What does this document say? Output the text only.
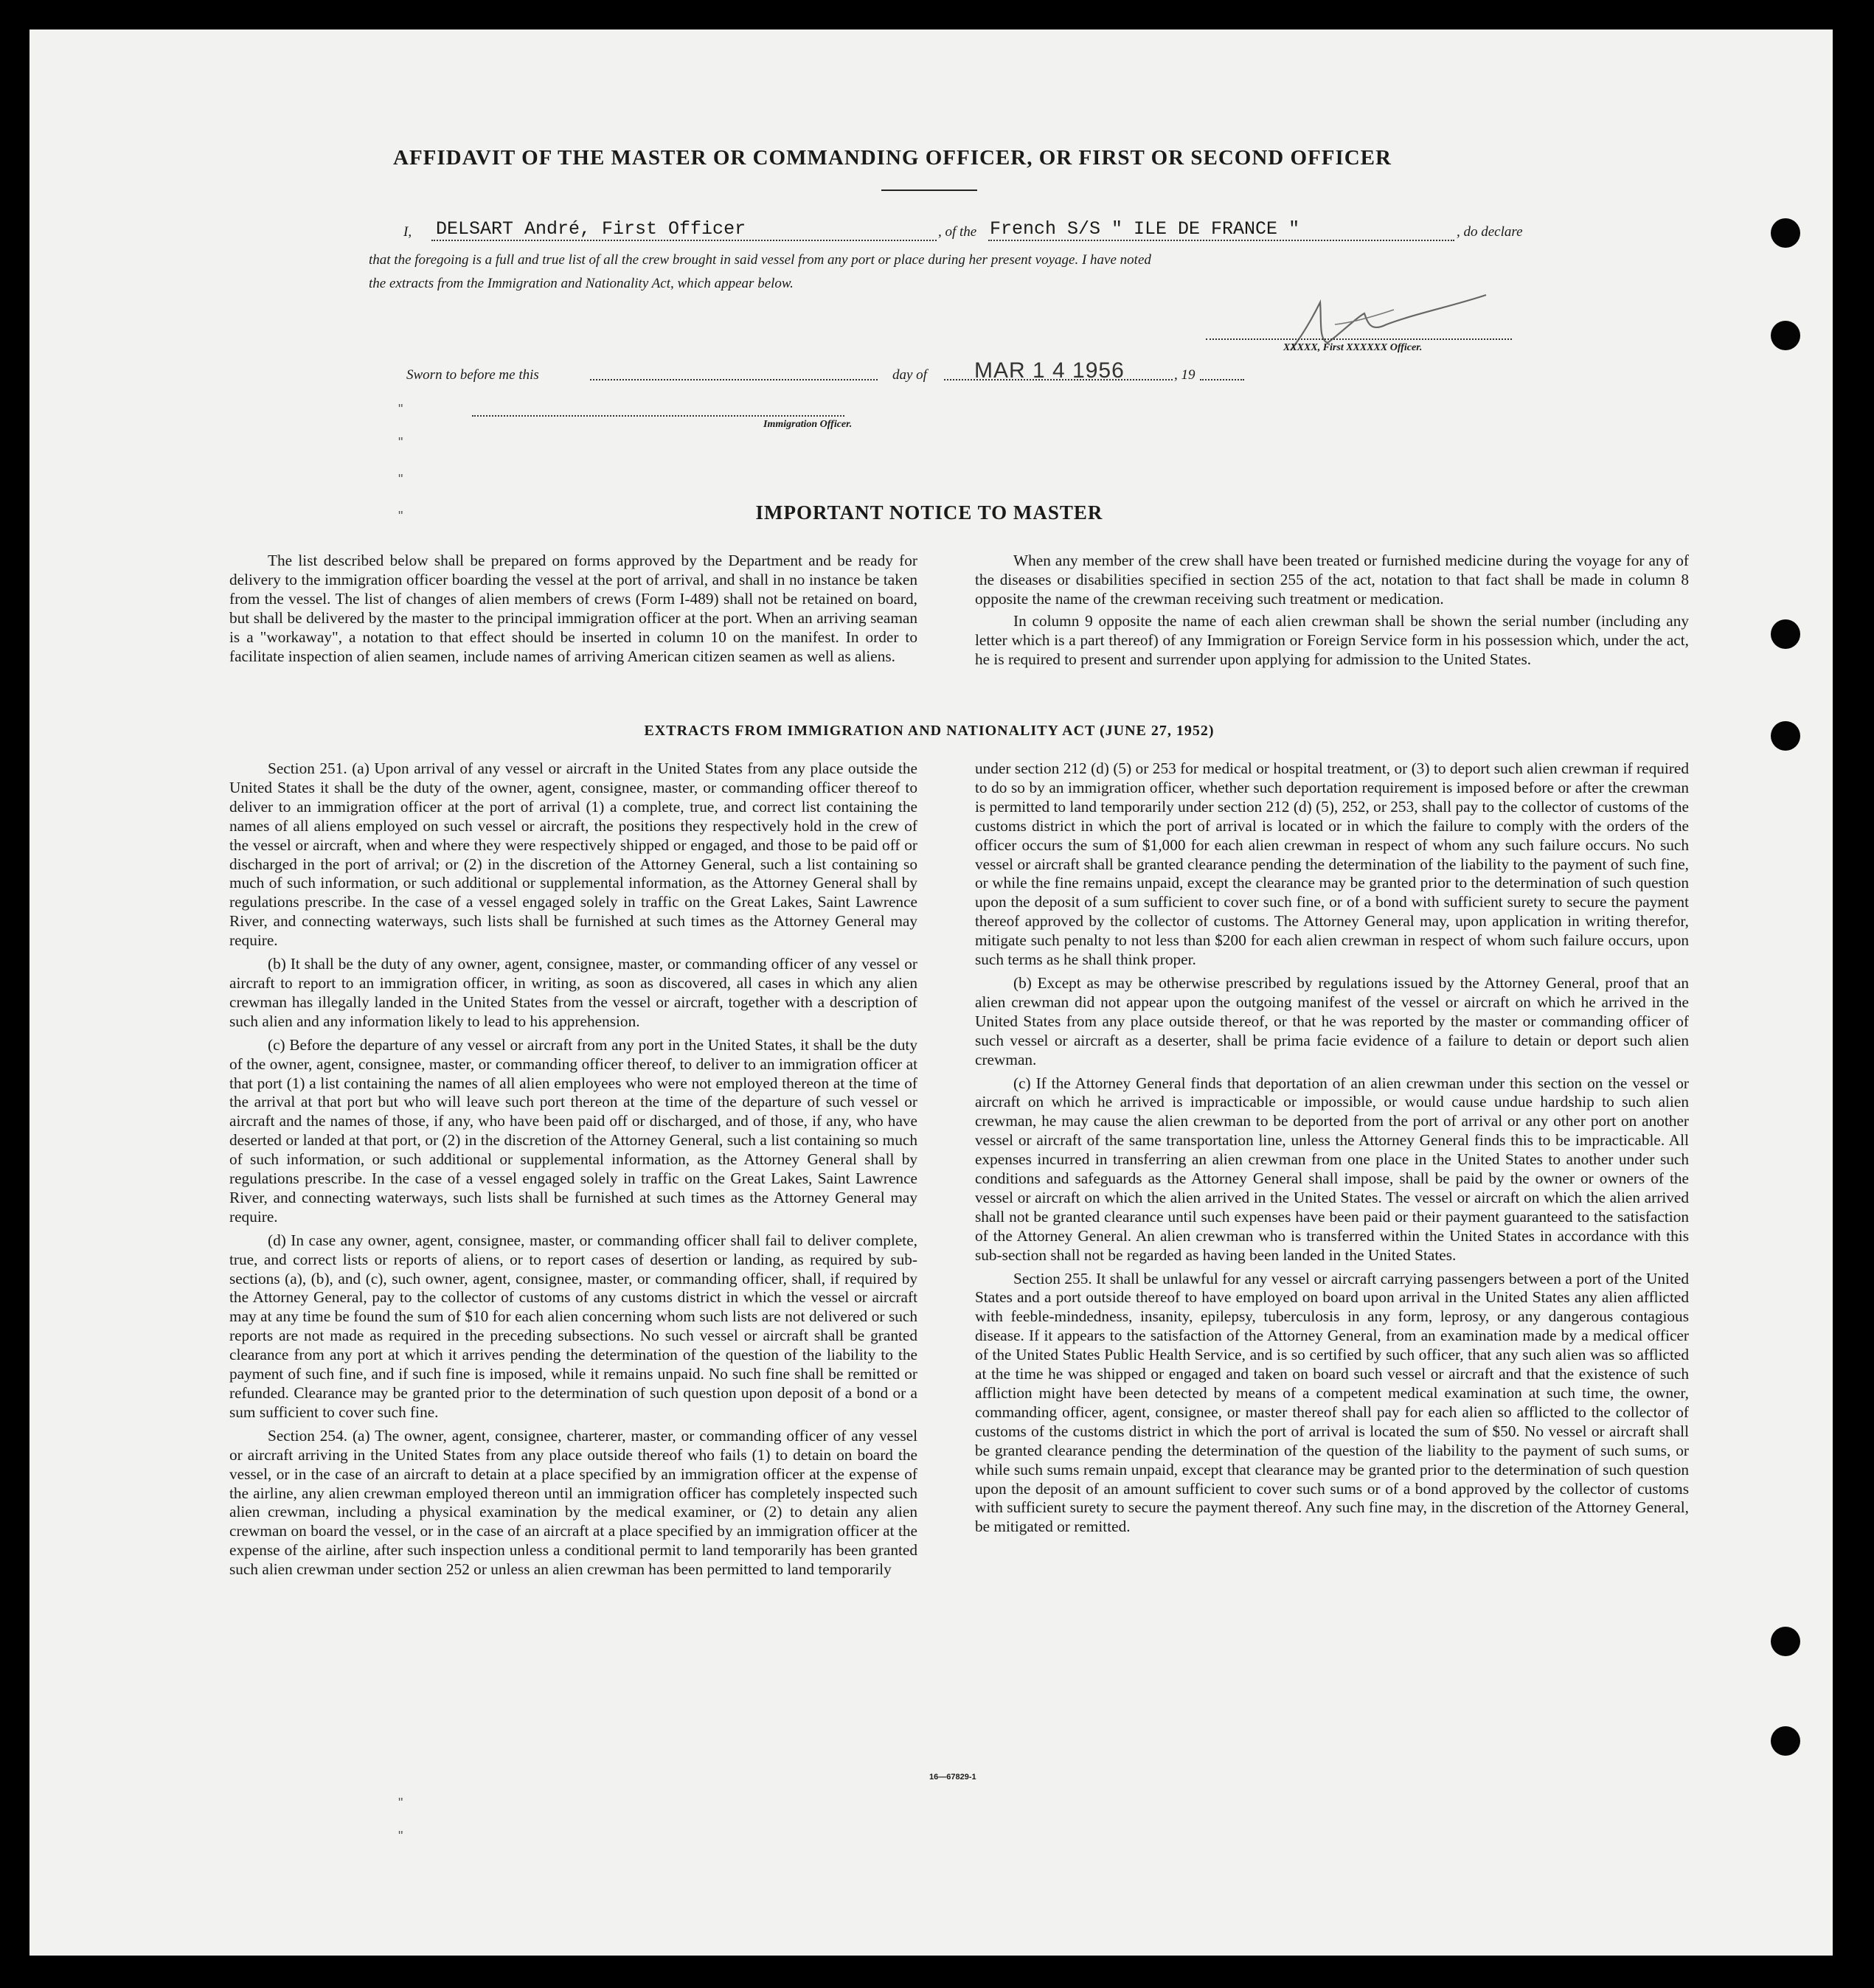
AFFIDAVIT OF THE MASTER OR COMMANDING OFFICER, OR FIRST OR SECOND OFFICER
I, DELSART André, First Officer	, of the French S/S " ILE DE FRANCE "	, do declare
that the foregoing is a full and true list of all the crew brought in said vessel from any port or place during her present voyage. I have noted
the extracts from the Immigration and Nationality Act, which appear below.
XXXXX, First XXXXXX Officer.
Sworn to before me this	day of MAR 1 4 1956	, 19
Immigration Officer.
IMPORTANT NOTICE TO MASTER

The list described below shall be prepared on forms approved by the Department and be ready for delivery to the immigration officer boarding the vessel at the port of arrival, and shall in no instance be taken from the vessel. The list of changes of alien members of crews (Form I-489) shall not be retained on board, but shall be delivered by the master to the principal immigration officer at the port. When an arriving seaman is a "workaway", a notation to that effect should be inserted in column 10 on the manifest. In order to facilitate inspection of alien seamen, include names of arriving American citizen seamen as well as aliens.

When any member of the crew shall have been treated or furnished medicine during the voyage for any of the diseases or disabilities specified in section 255 of the act, notation to that fact shall be made in column 8 opposite the name of the crewman receiving such treatment or medication.

In column 9 opposite the name of each alien crewman shall be shown the serial number (including any letter which is a part thereof) of any Immigration or Foreign Service form in his possession which, under the act, he is required to present and surrender upon applying for admission to the United States.

EXTRACTS FROM IMMIGRATION AND NATIONALITY ACT (JUNE 27, 1952)

Section 251. (a) Upon arrival of any vessel or aircraft in the United States from any place outside the United States it shall be the duty of the owner, agent, consignee, master, or commanding officer thereof to deliver to an immigration officer at the port of arrival (1) a complete, true, and correct list containing the names of all aliens employed on such vessel or aircraft, the positions they respectively hold in the crew of the vessel or aircraft, when and where they were respectively shipped or engaged, and those to be paid off or discharged in the port of arrival; or (2) in the discretion of the Attorney General, such a list containing so much of such information, or such additional or supplemental information, as the Attorney General shall by regulations prescribe. In the case of a vessel engaged solely in traffic on the Great Lakes, Saint Lawrence River, and connecting waterways, such lists shall be furnished at such times as the Attorney General may require.

(b) It shall be the duty of any owner, agent, consignee, master, or commanding officer of any vessel or aircraft to report to an immigration officer, in writing, as soon as discovered, all cases in which any alien crewman has illegally landed in the United States from the vessel or aircraft, together with a description of such alien and any information likely to lead to his apprehension.

(c) Before the departure of any vessel or aircraft from any port in the United States, it shall be the duty of the owner, agent, consignee, master, or commanding officer thereof, to deliver to an immigration officer at that port (1) a list containing the names of all alien employees who were not employed thereon at the time of the arrival at that port but who will leave such port thereon at the time of the departure of such vessel or aircraft and the names of those, if any, who have been paid off or discharged, and of those, if any, who have deserted or landed at that port, or (2) in the discretion of the Attorney General, such a list containing so much of such information, or such additional or supplemental information, as the Attorney General shall by regulations prescribe. In the case of a vessel engaged solely in traffic on the Great Lakes, Saint Lawrence River, and connecting waterways, such lists shall be furnished at such times as the Attorney General may require.

(d) In case any owner, agent, consignee, master, or commanding officer shall fail to deliver complete, true, and correct lists or reports of aliens, or to report cases of desertion or landing, as required by sub-sections (a), (b), and (c), such owner, agent, consignee, master, or commanding officer, shall, if required by the Attorney General, pay to the collector of customs of any customs district in which the vessel or aircraft may at any time be found the sum of $10 for each alien concerning whom such lists are not delivered or such reports are not made as required in the preceding subsections. No such vessel or aircraft shall be granted clearance from any port at which it arrives pending the determination of the question of the liability to the payment of such fine, and if such fine is imposed, while it remains unpaid. No such fine shall be remitted or refunded. Clearance may be granted prior to the determination of such question upon deposit of a bond or a sum sufficient to cover such fine.

Section 254. (a) The owner, agent, consignee, charterer, master, or commanding officer of any vessel or aircraft arriving in the United States from any place outside thereof who fails (1) to detain on board the vessel, or in the case of an aircraft to detain at a place specified by an immigration officer at the expense of the airline, any alien crewman employed thereon until an immigration officer has completely inspected such alien crewman, including a physical examination by the medical examiner, or (2) to detain any alien crewman on board the vessel, or in the case of an aircraft at a place specified by an immigration officer at the expense of the airline, after such inspection unless a conditional permit to land temporarily has been granted such alien crewman under section 252 or unless an alien crewman has been permitted to land temporarily

under section 212 (d) (5) or 253 for medical or hospital treatment, or (3) to deport such alien crewman if required to do so by an immigration officer, whether such deportation requirement is imposed before or after the crewman is permitted to land temporarily under section 212 (d) (5), 252, or 253, shall pay to the collector of customs of the customs district in which the port of arrival is located or in which the failure to comply with the orders of the officer occurs the sum of $1,000 for each alien crewman in respect of whom any such failure occurs. No such vessel or aircraft shall be granted clearance pending the determination of the liability to the payment of such fine, or while the fine remains unpaid, except the clearance may be granted prior to the determination of such question upon the deposit of a sum sufficient to cover such fine, or of a bond with sufficient surety to secure the payment thereof approved by the collector of customs. The Attorney General may, upon application in writing therefor, mitigate such penalty to not less than $200 for each alien crewman in respect of whom such failure occurs, upon such terms as he shall think proper.

(b) Except as may be otherwise prescribed by regulations issued by the Attorney General, proof that an alien crewman did not appear upon the outgoing manifest of the vessel or aircraft on which he arrived in the United States from any place outside thereof, or that he was reported by the master or commanding officer of such vessel or aircraft as a deserter, shall be prima facie evidence of a failure to detain or deport such alien crewman.

(c) If the Attorney General finds that deportation of an alien crewman under this section on the vessel or aircraft on which he arrived is impracticable or impossible, or would cause undue hardship to such alien crewman, he may cause the alien crewman to be deported from the port of arrival or any other port on another vessel or aircraft of the same transportation line, unless the Attorney General finds this to be impracticable. All expenses incurred in transferring an alien crewman from one place in the United States to another under such conditions and safeguards as the Attorney General shall impose, shall be paid by the owner or owners of the vessel or aircraft on which the alien arrived in the United States. The vessel or aircraft on which the alien arrived shall not be granted clearance until such expenses have been paid or their payment guaranteed to the satisfaction of the Attorney General. An alien crewman who is transferred within the United States in accordance with this sub-section shall not be regarded as having been landed in the United States.

Section 255. It shall be unlawful for any vessel or aircraft carrying passengers between a port of the United States and a port outside thereof to have employed on board upon arrival in the United States any alien afflicted with feeble-mindedness, insanity, epilepsy, tuberculosis in any form, leprosy, or any dangerous contagious disease. If it appears to the satisfaction of the Attorney General, from an examination made by a medical officer of the United States Public Health Service, and is so certified by such officer, that any such alien was so afflicted at the time he was shipped or engaged and taken on board such vessel or aircraft and that the existence of such affliction might have been detected by means of a competent medical examination at such time, the owner, commanding officer, agent, consignee, or master thereof shall pay for each alien so afflicted to the collector of customs of the customs district in which the port of arrival is located the sum of $50. No vessel or aircraft shall be granted clearance pending the determination of the question of the liability to the payment of such sums, or while such sums remain unpaid, except that clearance may be granted prior to the determination of such question upon the deposit of an amount sufficient to cover such sums or of a bond approved by the collector of customs with sufficient surety to secure the payment thereof. Any such fine may, in the discretion of the Attorney General, be mitigated or remitted.

16—67829-1
"
"
"
"
"
"
